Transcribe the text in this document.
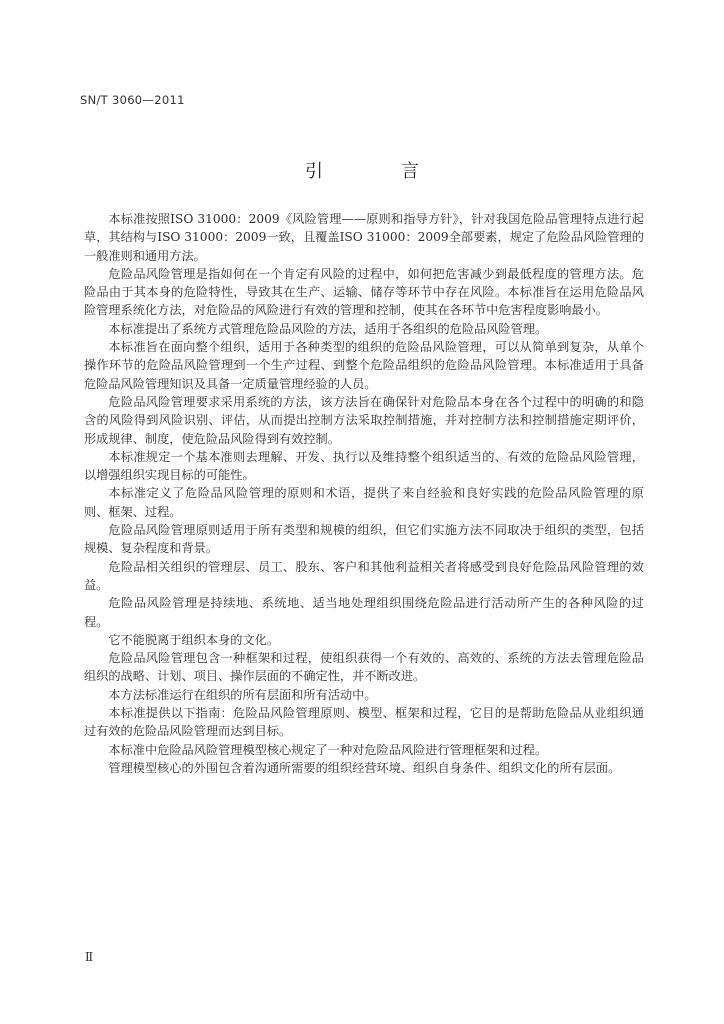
SN/T 3060—2011
引　言

本标准按照ISO 31000：2009《风险管理——原则和指导方针》，针对我国危险品管理特点进行起草，其结构与ISO 31000：2009一致，且覆盖ISO 31000：2009全部要素，规定了危险品风险管理的一般准则和通用方法。

危险品风险管理是指如何在一个肯定有风险的过程中，如何把危害减少到最低程度的管理方法。危险品由于其本身的危险特性，导致其在生产、运输、储存等环节中存在风险。本标准旨在运用危险品风险管理系统化方法，对危险品的风险进行有效的管理和控制，使其在各环节中危害程度影响最小。

本标准提出了系统方式管理危险品风险的方法，适用于各组织的危险品风险管理。

本标准旨在面向整个组织，适用于各种类型的组织的危险品风险管理，可以从简单到复杂，从单个操作环节的危险品风险管理到一个生产过程、到整个危险品组织的危险品风险管理。本标准适用于具备危险品风险管理知识及具备一定质量管理经验的人员。

危险品风险管理要求采用系统的方法，该方法旨在确保针对危险品本身在各个过程中的明确的和隐含的风险得到风险识别、评估，从而提出控制方法采取控制措施，并对控制方法和控制措施定期评价，形成规律、制度，使危险品风险得到有效控制。

本标准规定一个基本准则去理解、开发、执行以及维持整个组织适当的、有效的危险品风险管理，以增强组织实现目标的可能性。

本标准定义了危险品风险管理的原则和术语，提供了来自经验和良好实践的危险品风险管理的原则、框架、过程。

危险品风险管理原则适用于所有类型和规模的组织，但它们实施方法不同取决于组织的类型，包括规模、复杂程度和背景。

危险品相关组织的管理层、员工、股东、客户和其他利益相关者将感受到良好危险品风险管理的效益。

危险品风险管理是持续地、系统地、适当地处理组织围绕危险品进行活动所产生的各种风险的过程。

它不能脱离于组织本身的文化。

危险品风险管理包含一种框架和过程，使组织获得一个有效的、高效的、系统的方法去管理危险品组织的战略、计划、项目、操作层面的不确定性，并不断改进。

本方法标准运行在组织的所有层面和所有活动中。

本标准提供以下指南：危险品风险管理原则、模型、框架和过程，它目的是帮助危险品从业组织通过有效的危险品风险管理而达到目标。

本标准中危险品风险管理模型核心规定了一种对危险品风险进行管理框架和过程。

管理模型核心的外围包含着沟通所需要的组织经营环境、组织自身条件、组织文化的所有层面。

Ⅱ
